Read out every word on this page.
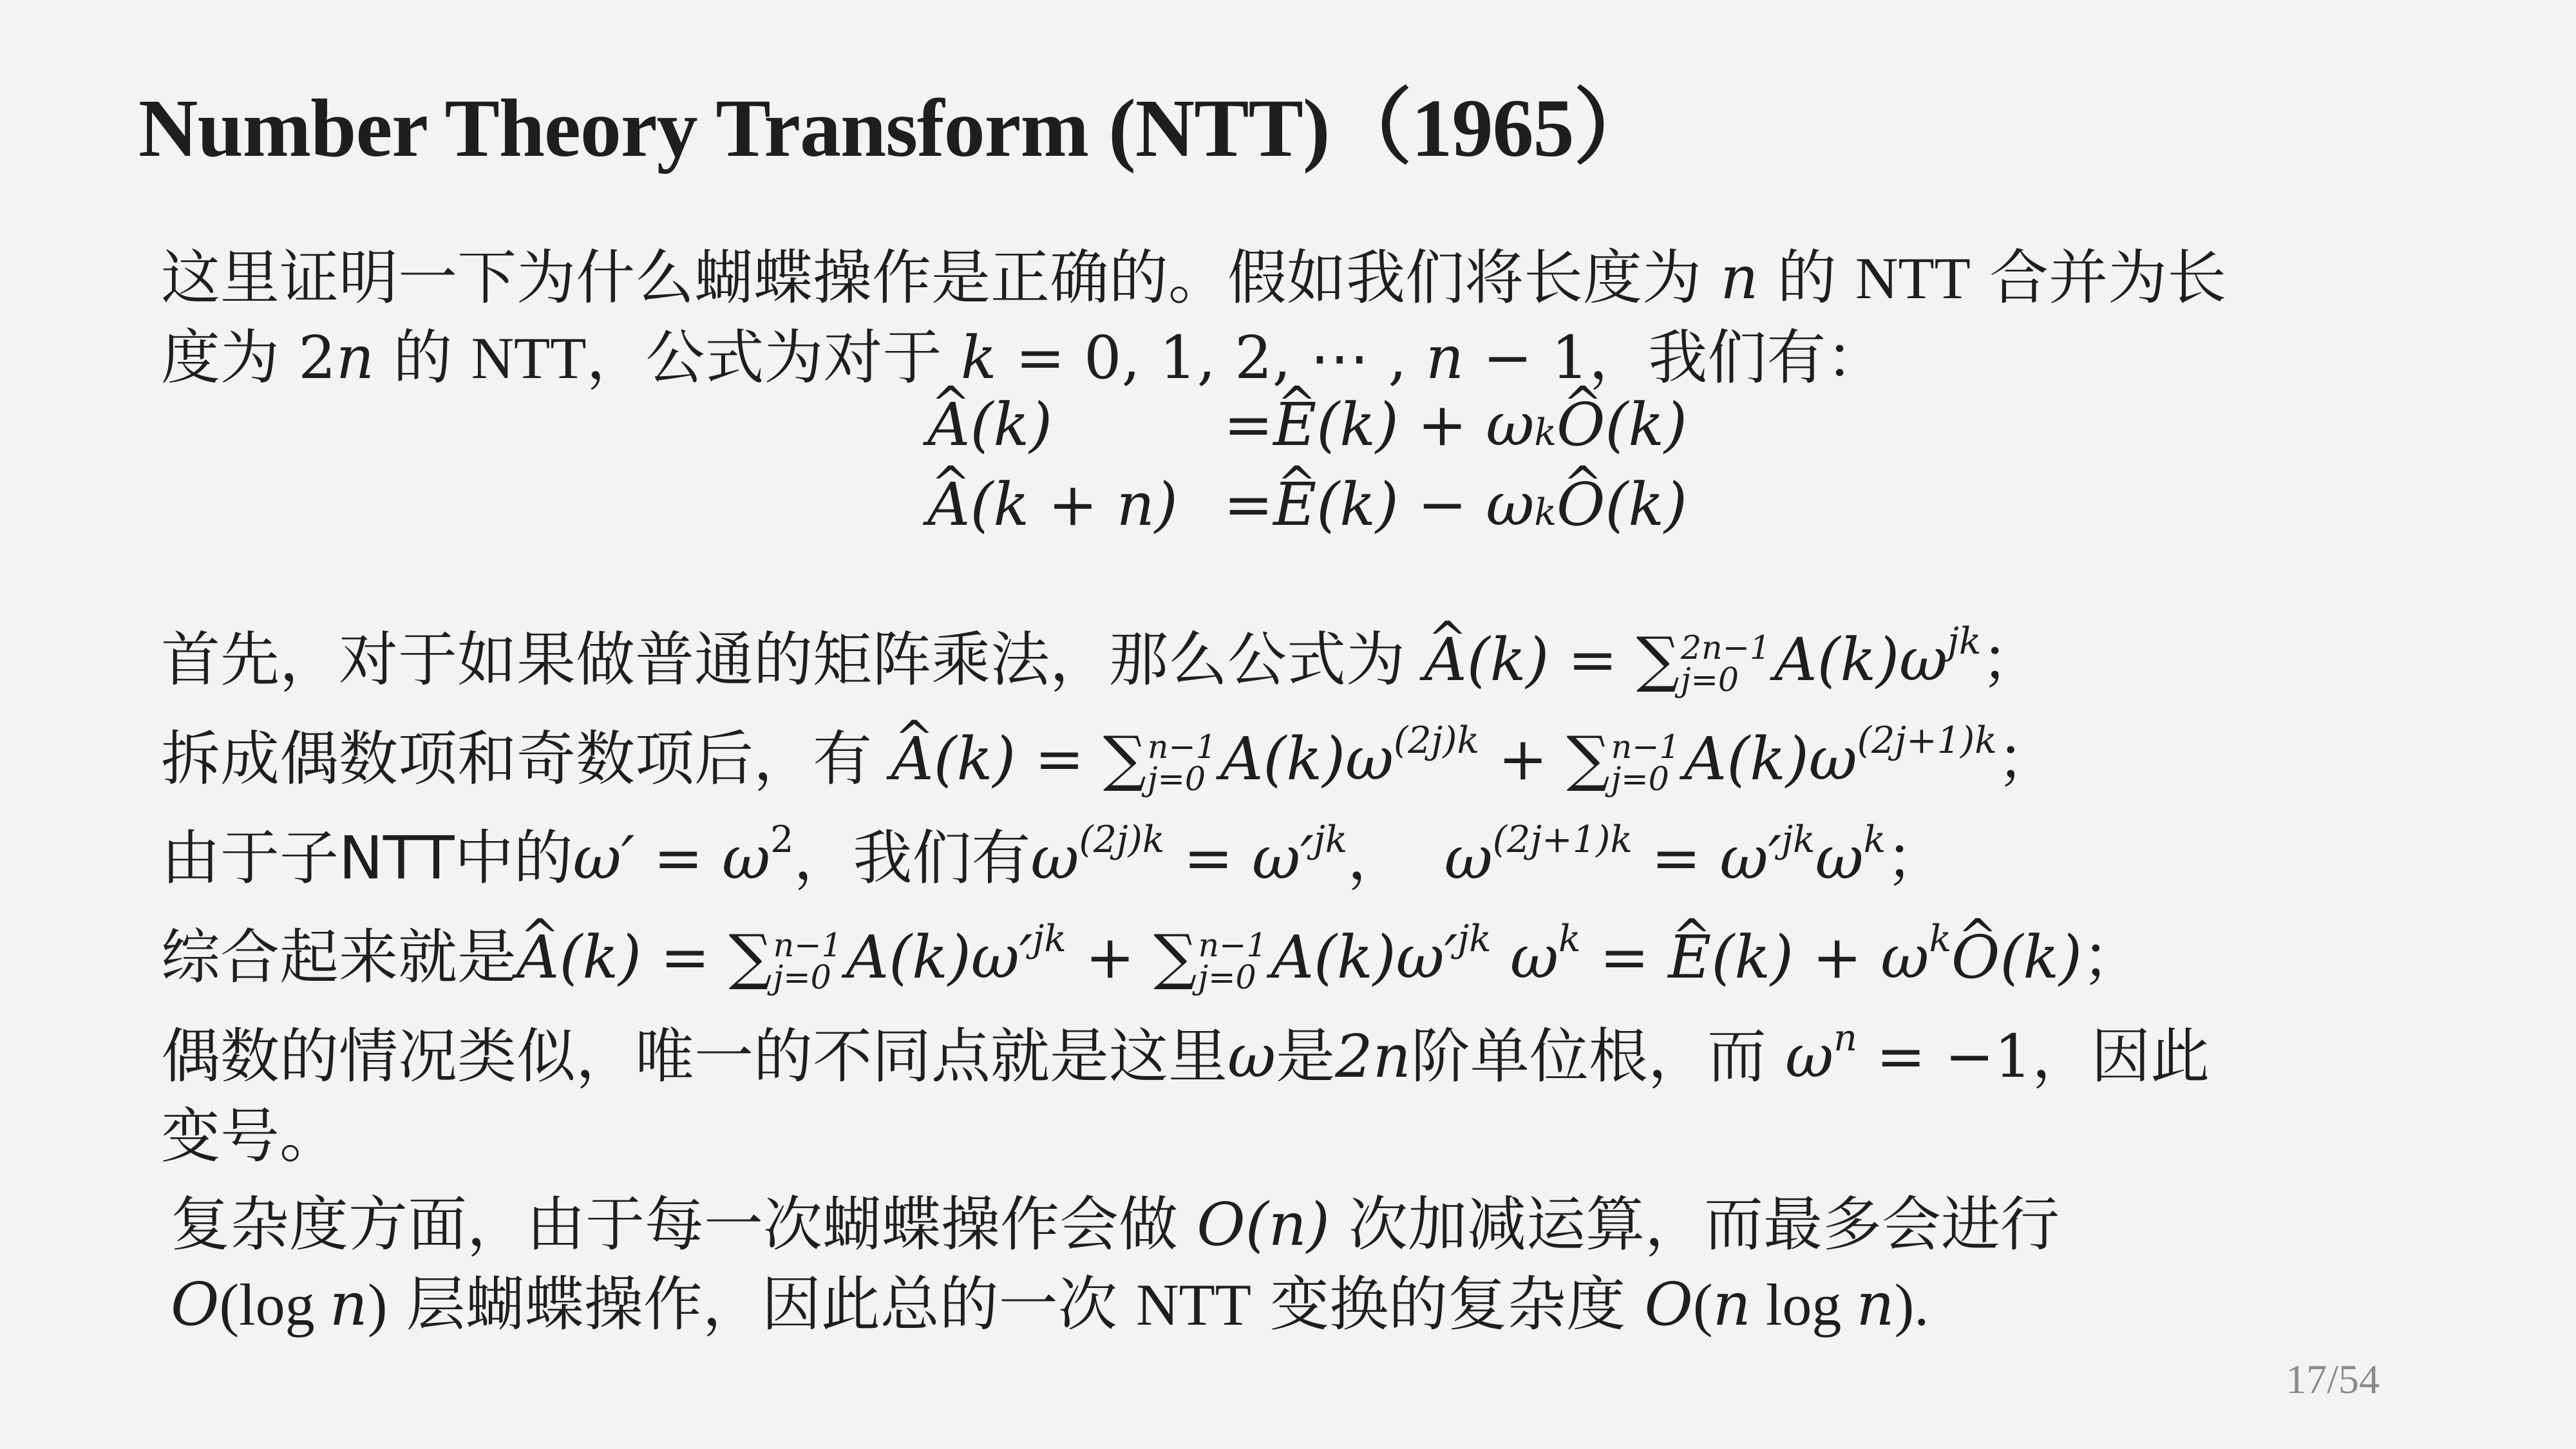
Number Theory Transform (NTT)（1965）
这里证明一下为什么蝴蝶操作是正确的。假如我们将长度为 n 的 NTT 合并为长
度为 2n 的 NTT，公式为对于 k = 0, 1, 2, ⋯ , n − 1，我们有：
A ^(k)	= E ^ (k) + ω k O ^ (k)
A ^(k + n) = E ^ (k) − ω k O ^ (k)
首先，对于如果做普通的矩阵乘法，那么公式为 A ^(k) = ∑ 2n−1
j=0 $A(k)\omega^{jk}$；
拆成偶数项和奇数项后，有 A ^(k) = ∑ n−1
j=0 $A(k)\omega^{(2j)k}$ + ∑ n−1
j=0 $A(k)\omega^{(2j+1)k}$；
由于子NTT中的$\omega' = \omega^2$，我们有$\omega^{(2j)k} = \omega'^{jk}$， $\omega^{(2j+1)k} = \omega'^{jk}\omega^k$；
综合起来就是A ^(k) = ∑ n−1
j=0 $A(k)\omega'^{jk}$ + ∑ n−1
j=0 $A(k)\omega'^{jk}$ $\omega^k = E$ ^(k) + $\omega^kO$ ^(k)；
偶数的情况类似，唯一的不同点就是这里ω是2n阶单位根，而 $\omega^n = -1$，因此
变号。
复杂度方面，由于每一次蝴蝶操作会做 O(n) 次加减运算，而最多会进行
O(log n) 层蝴蝶操作，因此总的一次 NTT 变换的复杂度 O(n log n).
17/54
